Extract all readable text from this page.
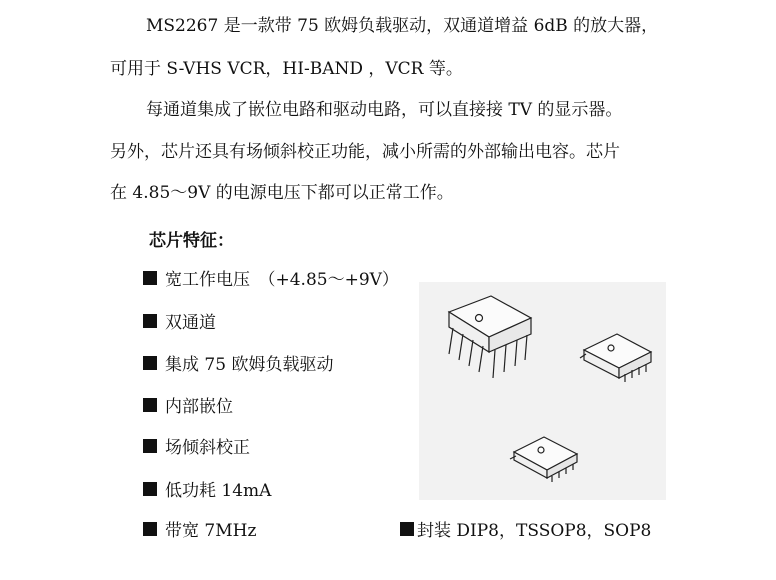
MS2267 是一款带 75 欧姆负载驱动，双通道增益 6dB 的放大器，
可用于 S-VHS VCR，HI-BAND ，VCR 等。
每通道集成了嵌位电路和驱动电路，可以直接接 TV 的显示器。
另外，芯片还具有场倾斜校正功能，减小所需的外部输出电容。芯片
在 4.85～9V 的电源电压下都可以正常工作。
芯片特征：
宽工作电压　（+4.85～+9V）
双通道
集成 75 欧姆负载驱动
内部嵌位
场倾斜校正
低功耗 14mA
带宽 7MHz	封装 DIP8，TSSOP8，SOP8
